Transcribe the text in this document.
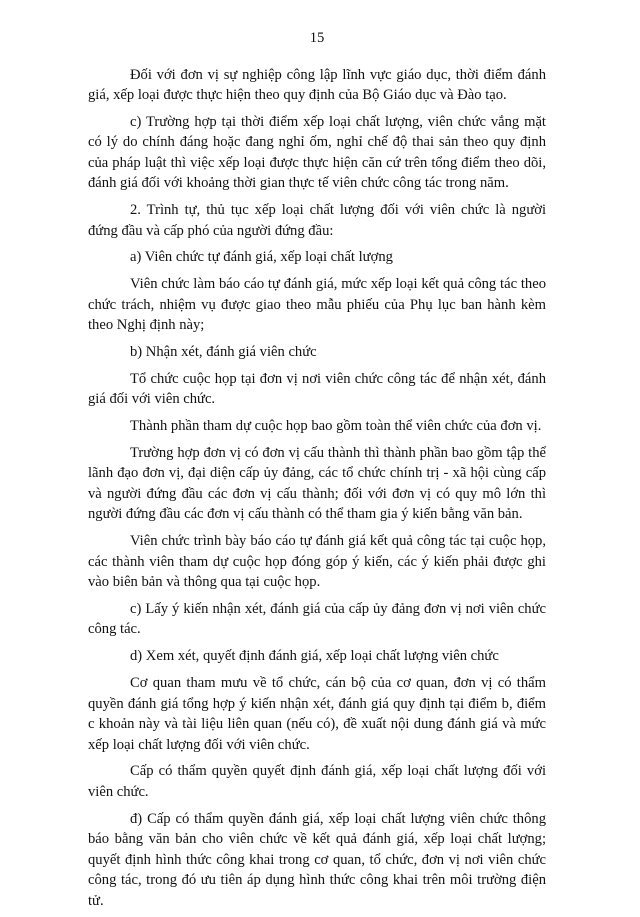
15

Đối với đơn vị sự nghiệp công lập lĩnh vực giáo dục, thời điểm đánh giá, xếp loại được thực hiện theo quy định của Bộ Giáo dục và Đào tạo.

c) Trường hợp tại thời điểm xếp loại chất lượng, viên chức vắng mặt có lý do chính đáng hoặc đang nghỉ ốm, nghỉ chế độ thai sản theo quy định của pháp luật thì việc xếp loại được thực hiện căn cứ trên tổng điểm theo dõi, đánh giá đối với khoảng thời gian thực tế viên chức công tác trong năm.

2. Trình tự, thủ tục xếp loại chất lượng đối với viên chức là người đứng đầu và cấp phó của người đứng đầu:

a) Viên chức tự đánh giá, xếp loại chất lượng

Viên chức làm báo cáo tự đánh giá, mức xếp loại kết quả công tác theo chức trách, nhiệm vụ được giao theo mẫu phiếu của Phụ lục ban hành kèm theo Nghị định này;

b) Nhận xét, đánh giá viên chức

Tổ chức cuộc họp tại đơn vị nơi viên chức công tác để nhận xét, đánh giá đối với viên chức.

Thành phần tham dự cuộc họp bao gồm toàn thể viên chức của đơn vị.

Trường hợp đơn vị có đơn vị cấu thành thì thành phần bao gồm tập thể lãnh đạo đơn vị, đại diện cấp ủy đảng, các tổ chức chính trị - xã hội cùng cấp và người đứng đầu các đơn vị cấu thành; đối với đơn vị có quy mô lớn thì người đứng đầu các đơn vị cấu thành có thể tham gia ý kiến bằng văn bản.

Viên chức trình bày báo cáo tự đánh giá kết quả công tác tại cuộc họp, các thành viên tham dự cuộc họp đóng góp ý kiến, các ý kiến phải được ghi vào biên bản và thông qua tại cuộc họp.

c) Lấy ý kiến nhận xét, đánh giá của cấp ủy đảng đơn vị nơi viên chức công tác.

d) Xem xét, quyết định đánh giá, xếp loại chất lượng viên chức

Cơ quan tham mưu về tổ chức, cán bộ của cơ quan, đơn vị có thẩm quyền đánh giá tổng hợp ý kiến nhận xét, đánh giá quy định tại điểm b, điểm c khoản này và tài liệu liên quan (nếu có), đề xuất nội dung đánh giá và mức xếp loại chất lượng đối với viên chức.

Cấp có thẩm quyền quyết định đánh giá, xếp loại chất lượng đối với viên chức.

đ) Cấp có thẩm quyền đánh giá, xếp loại chất lượng viên chức thông báo bằng văn bản cho viên chức về kết quả đánh giá, xếp loại chất lượng; quyết định hình thức công khai trong cơ quan, tổ chức, đơn vị nơi viên chức công tác, trong đó ưu tiên áp dụng hình thức công khai trên môi trường điện tử.
